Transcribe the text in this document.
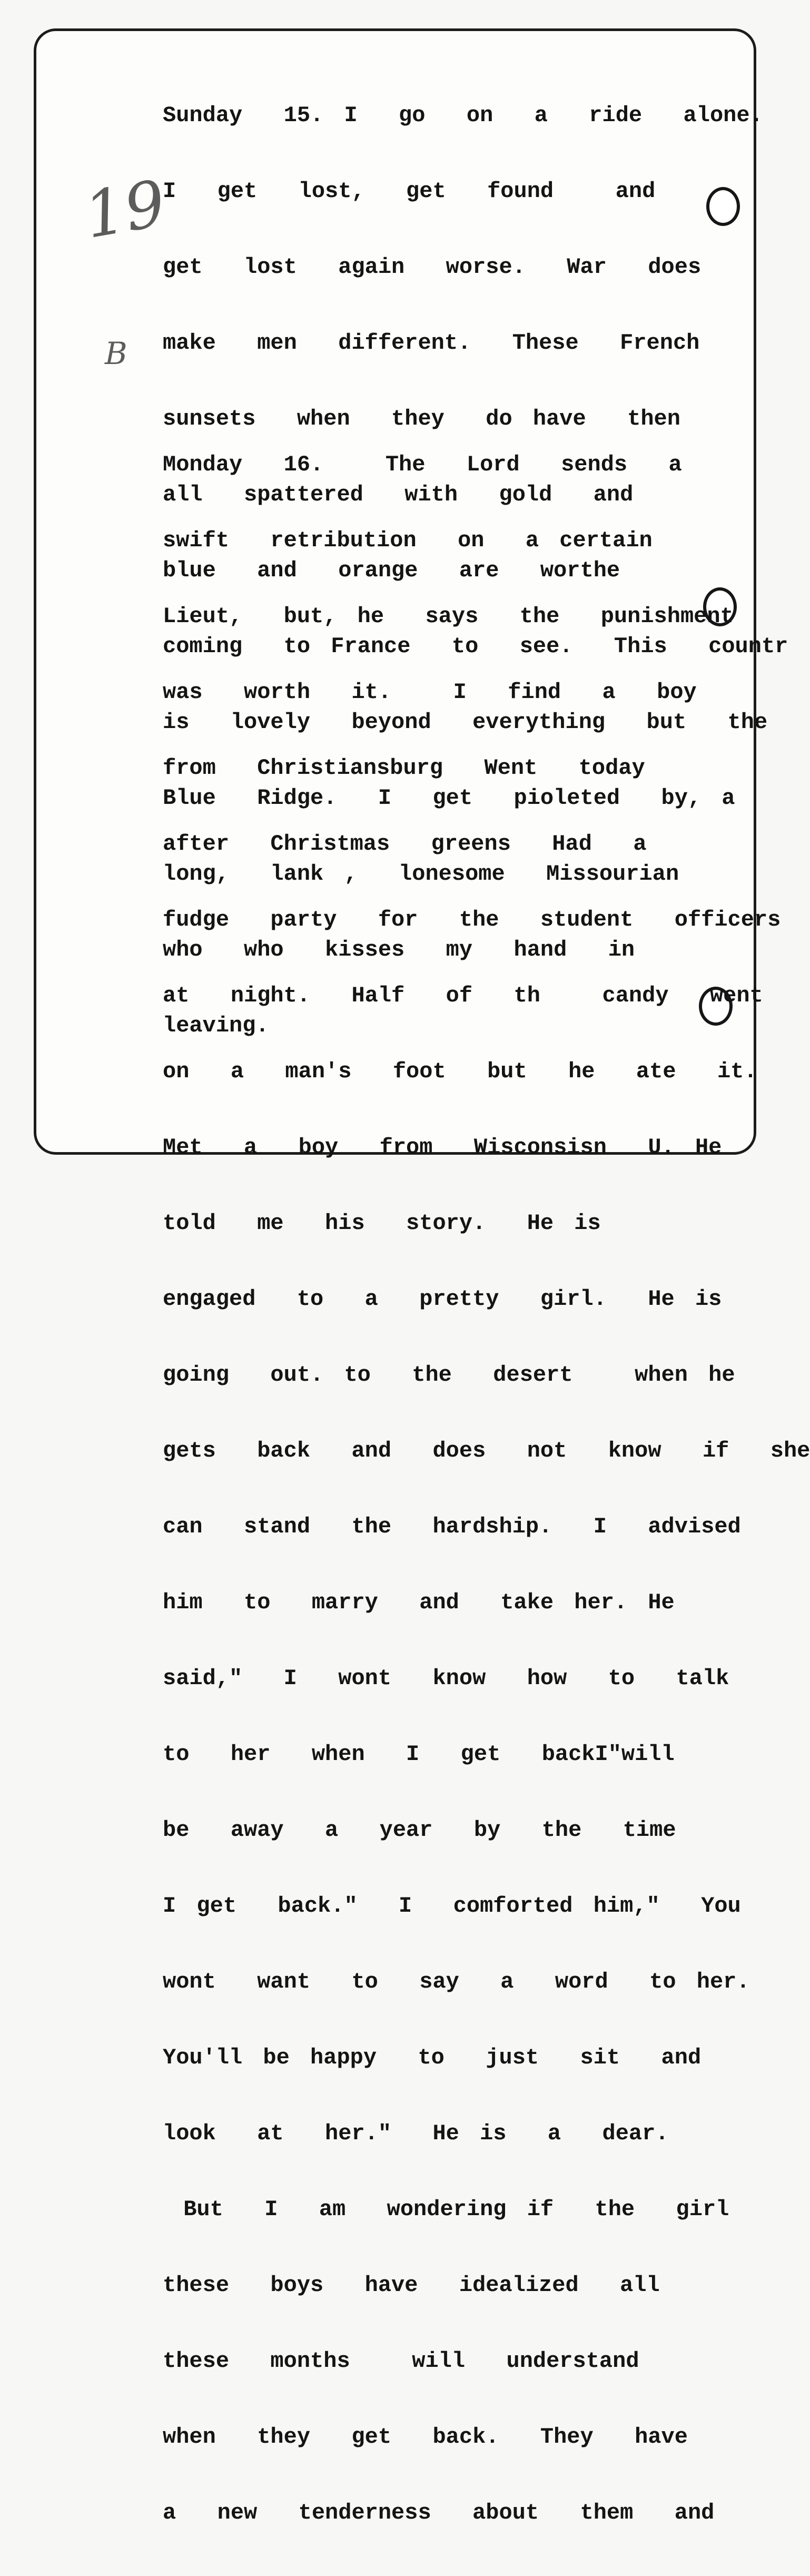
19
B

Sunday  15. I  go  on  a  ride  alone.

I  get  lost,  get  found   and

get  lost  again  worse.  War  does

make  men  different.  These  French

sunsets  when  they  do have  then

all  spattered  with  gold  and

blue  and  orange  are  worthe

coming  to France  to  see.  This  countr

is  lovely  beyond  everything  but  the

Blue  Ridge.  I  get  pioleted  by, a

long,  lank ,  lonesome  Missourian

who  who  kisses  my  hand  in

leaving.

Monday  16.   The  Lord  sends  a

swift  retribution  on  a certain

Lieut,  but, he  says  the  punishment

was  worth  it.   I  find  a  boy

from  Christiansburg  Went  today

after  Christmas  greens  Had  a

fudge  party  for  the  student  officers

at  night.  Half  of  th   candy  went

on  a  man's  foot  but  he  ate  it.

Met  a  boy  from  Wisconsisn  U. He

told  me  his  story.  He is

engaged  to  a  pretty  girl.  He is

going  out. to  the  desert   when he

gets  back  and  does  not  know  if  she

can  stand  the  hardship.  I  advised

him  to  marry  and  take her. He

said,"  I  wont  know  how  to  talk

to  her  when  I  get  backI"will

be  away  a  year  by  the  time

I get  back."  I  comforted him,"  You

wont  want  to  say  a  word  to her.

You'll be happy  to  just  sit  and

look  at  her."  He is  a  dear.

But  I  am  wondering if  the  girl

these  boys  have  idealized  all

these  months   will  understand

when  they  get  back.  They  have

a  new  tenderness  about  them  and
